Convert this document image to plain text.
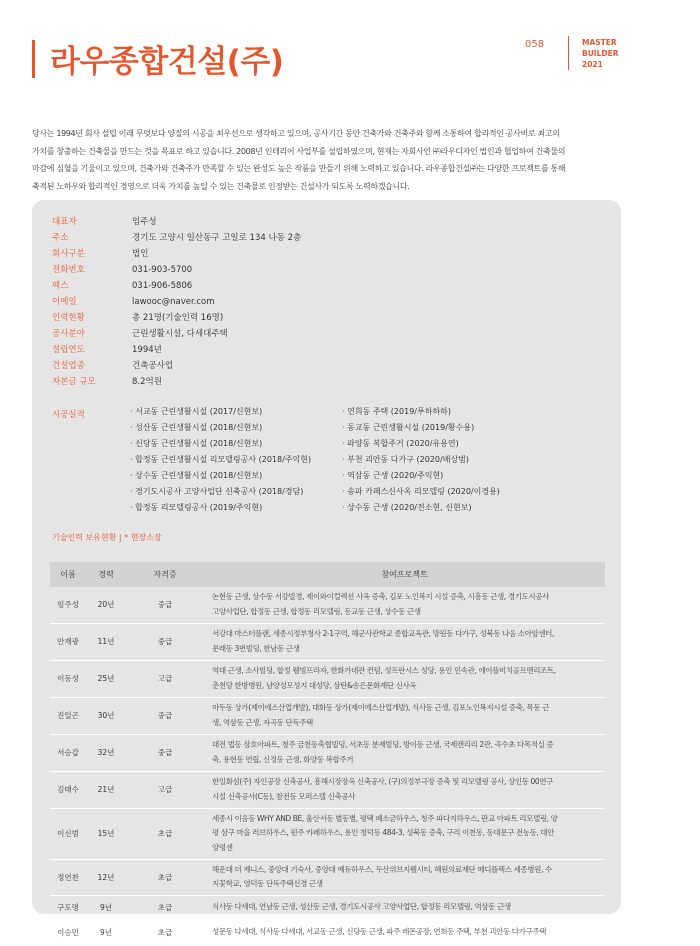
라우종합건설(주)	058	MASTER
BUILDER
2021
당사는 1994년 회사 설립 이래 무엇보다 양질의 시공을 최우선으로 생각하고 있으며, 공사기간 동안 건축가와 건축주와 함께 소통하여 합리적인 공사비로 최고의
가치를 창출하는 건축물을 만드는 것을 목표로 하고 있습니다. 2008년 인테리어 사업부를 설립하였으며, 현재는 자회사인 ㈜라우디자인 법인과 협업하여 건축물의
마감에 심혈을 기울이고 있으며, 건축가와 건축주가 만족할 수 있는 완성도 높은 작품을 만들기 위해 노력하고 있습니다. 라우종합건설㈜는 다양한 프로젝트를 통해
축적된 노하우와 합리적인 경영으로 더욱 가치를 높일 수 있는 건축물로 인정받는 건설사가 되도록 노력하겠습니다.
대표자	임주성
주소	경기도 고양시 일산동구 고일로 134 나동 2층
회사구분	법인
전화번호	031-903-5700
팩스	031-906-5806
이메일	lawooc@naver.com
인력현황	총 21명(기술인력 16명)
공사분야	근린생활시설, 다세대주택
설립연도	1994년
건설업종	건축공사업
자본금 규모	8.2억원
시공실적	· 서교동 근린생활시설 (2017/신현보)
· 성산동 근린생활시설 (2018/신현보)
· 신당동 근린생활시설 (2018/신현보)
· 합정동 근린생활시설 리모델링공사 (2018/주익현)
· 상수동 근린생활시설 (2018/신현보)
· 경기도시공사 고양사업단 신축공사 (2018/경담)
· 합정동 리모델링공사 (2019/주익현)
· 연희동 주택 (2019/푸하하하)
· 동교동 근린생활시설 (2019/황수용)
· 파양동 복합주거 (2020/유용연)
· 부천 괴안동 다가구 (2020/배상범)
· 역삼동 근생 (2020/주익현)
· 송파 카페스신사옥 리모델링 (2020/이경용)
· 상수동 근생 (2020/전소현, 신현보)
기술인력 보유현황 | * 현장소장
이름	경력	자격증	참여프로젝트
임주성	20년	중급	논현동 근생, 상수동 서강빌경, 제이와이컬렉션 사옥 증축, 김포 노인복지 시설 증축, 시흥동 근생, 경기도시공사
고양사업단, 합정동 근생, 합정동 리모델링, 동교동 근생, 상수동 근생

안재광	11년	중급	서강대 마스터플랜, 세종시정부청사 2-1구역, 해군사관학교 종합교육관, 망원동 다가구, 성북동 나음 소아암센터,
문래동 3번빌딩, 한남동 근생

이동성	25년	고급	역대 근생, 소사빌딩, 합정 웰빙프라자, 한화가네관 컨텀, 성프란시스 성당, 용인 민속관, 에이플비치골프앤리조트,
춘천당 한방병원, 남양성모성지 대성당, 삼탄&송은문화재단 신사옥

진일곤	30년	중급	마두동 상가(제이에스산업개발), 대화동 상가(제이에스산업개발), 식사동 근생, 김포노인복지시설 증축, 목동 근
생, 역삼동 근생, 자곡동 단독주택

서승갑	32년	중급	대전 법동 삼호아파트, 청주 금천동축협빌딩, 서초동 분재빌딩, 방이동 근생, 국제캔리리 2관, 곡수초 다목적실 증
축, 용현동 연립, 신정동 근생, 화양동 복합주거

김태수	21년	고급	한일화섬(주) 자인공장 신축공사, 흥해시장장옥 신축공사, (구)의정부극장 증축 및 리모델링 공사, 상인동 00연구
시설 신축공사(C동), 참전동 모퍼스텔 신축공사

이신범	15년	초급	세종시 이음동 WHY AND BE, 울산서동 별동별, 평택 폐소금하우스, 청주 파다지하우스, 판교 아파트 리모델링, 양
평 삼구 마을 러브하우스, 원주 카페하우스, 용인 청덕동 484-3, 성북동 증축, 구리 이천동, 동대문구 전농동, 대안
양평센

정연찬	12년	초급	해운대 더 제니스, 중앙대 기숙사, 중앙대 예듀하우스, 두산위브지웰시티, 혜원의료재단 메디플렉스 세종병원, 수
지꽃학교, 영덕동 단독주택신경 근생

구도명	9년	초급	식사동 다세대, 연남동 근생, 성산동 근생, 경기도시공사 고양사업단, 합정동 리모델링, 역삼동 근생

이승민	9년	초급	성문동 다세대, 식사동 다세대, 서교동 근생, 신당동 근생, 파주 레몬공장, 연희동 주택, 부천 괴안동 다가구주택
